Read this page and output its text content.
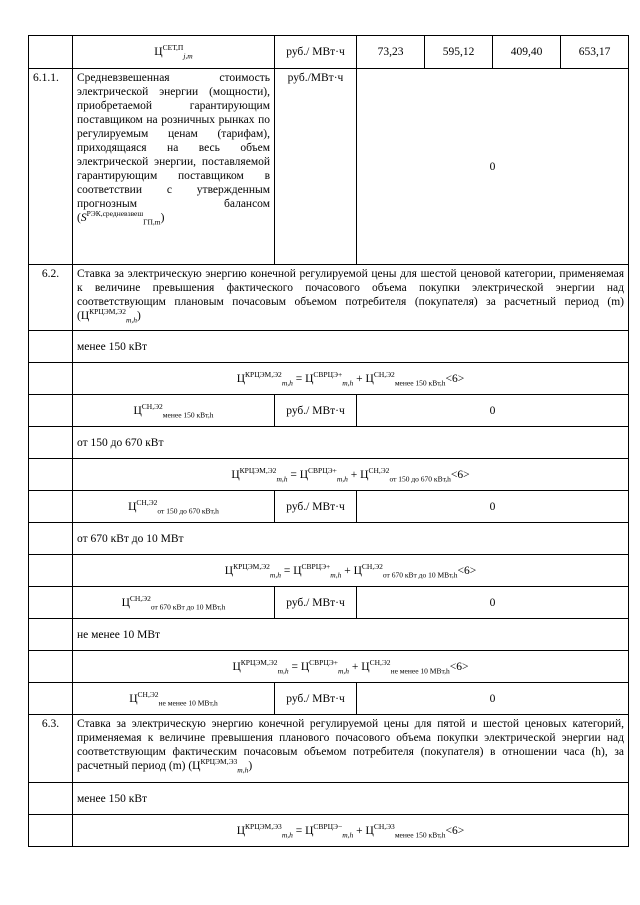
	$Ц^{СЕТ,П}_{j,m}$	руб./ МВт·ч	73,23	595,12	409,40	653,17
6.1.1.	Средневзвешенная стоимость электрической энергии (мощности), приобретаемой гарантирующим поставщиком на розничных рынках по регулируемым ценам (тарифам), приходящаяся на весь объем электрической энергии, поставляемой гарантирующим поставщиком в соответствии с утвержденным прогнозным балансом $(S^{РЭК,средневзвеш}_{ГП,m})$	руб./МВт·ч	0			
6.2.	Ставка за электрическую энергию конечной регулируемой цены для шестой ценовой категории, применяемая к величине превышения фактического почасового объема покупки электрической энергии над соответствующим плановым почасовым объемом потребителя (покупателя) за расчетный период (m) $(Ц^{КРЦЭМ,Э2}_{m,h})$					
	менее 150 кВт					
	$Ц^{КРЦЭМ,Э2}_{m,h} = Ц^{СВРЦЭ+}_{m,h} + Ц^{СН,Э2}_{менее 150 кВт,h}<6>$					
	$Ц^{СН,Э2}_{менее 150 кВт,h}$	руб./ МВт·ч	0			
	от 150 до 670 кВт					
	$Ц^{КРЦЭМ,Э2}_{m,h} = Ц^{СВРЦЭ+}_{m,h} + Ц^{СН,Э2}_{от 150 до 670 кВт,h}<6>$					
	$Ц^{СН,Э2}_{от 150 до 670 кВт,h}$	руб./ МВт·ч	0			
	от 670 кВт до 10 МВт					
	$Ц^{КРЦЭМ,Э2}_{m,h} = Ц^{СВРЦЭ+}_{m,h} + Ц^{СН,Э2}_{от 670 кВт до 10 МВт,h}<6>$					
	$Ц^{СН,Э2}_{от 670 кВт до 10 МВт,h}$	руб./ МВт·ч	0			
	не менее 10 МВт					
	$Ц^{КРЦЭМ,Э2}_{m,h} = Ц^{СВРЦЭ+}_{m,h} + Ц^{СН,Э2}_{не менее 10 МВт,h}<6>$					
	$Ц^{СН,Э2}_{не менее 10 МВт,h}$	руб./ МВт·ч	0			
6.3.	Ставка за электрическую энергию конечной регулируемой цены для пятой и шестой ценовых категорий, применяемая к величине превышения планового почасового объема покупки электрической энергии над соответствующим фактическим почасовым объемом потребителя (покупателя) в отношении часа (h), за расчетный период (m) $(Ц^{КРЦЭМ,Э3}_{m,h})$					
	менее 150 кВт					
	$Ц^{КРЦЭМ,Э3}_{m,h} = Ц^{СВРЦЭ-}_{m,h} + Ц^{СН,Э3}_{менее 150 кВт,h}<6>$					
